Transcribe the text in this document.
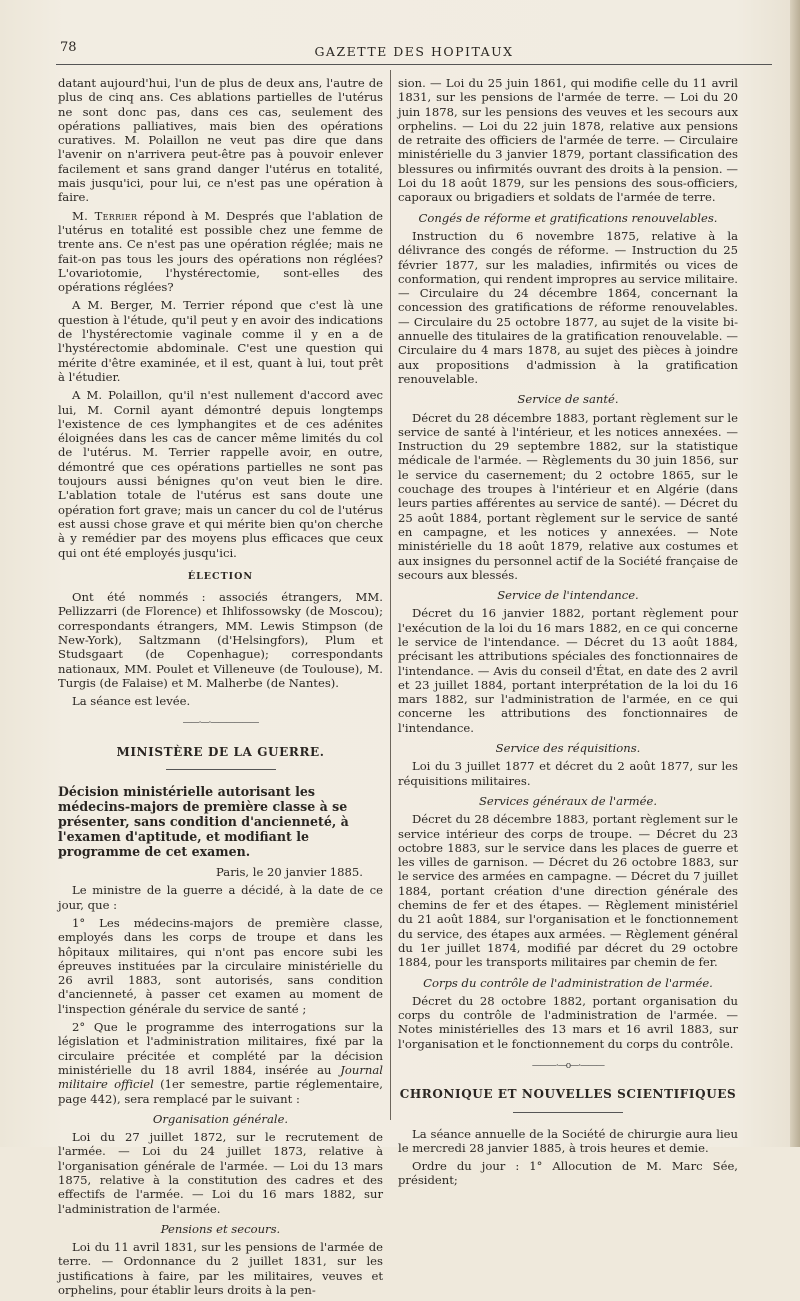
78	GAZETTE DES HOPITAUX

datant aujourd'hui, l'un de plus de deux ans, l'autre de plus de cinq ans. Ces ablations partielles de l'utérus ne sont donc pas, dans ces cas, seulement des opérations palliatives, mais bien des opérations curatives. M. Polaillon ne veut pas dire que dans l'avenir on n'arrivera peut-être pas à pouvoir enlever facilement et sans grand danger l'utérus en totalité, mais jusqu'ici, pour lui, ce n'est pas une opération à faire.

M. Terrier répond à M. Després que l'ablation de l'utérus en totalité est possible chez une femme de trente ans. Ce n'est pas une opération réglée; mais ne fait-on pas tous les jours des opérations non réglées? L'ovariotomie, l'hystérectomie, sont-elles des opérations réglées?

A M. Berger, M. Terrier répond que c'est là une question à l'étude, qu'il peut y en avoir des indications de l'hystérectomie vaginale comme il y en a de l'hystérectomie abdominale. C'est une question qui mérite d'être examinée, et il est, quant à lui, tout prêt à l'étudier.

A M. Polaillon, qu'il n'est nullement d'accord avec lui, M. Cornil ayant démontré depuis longtemps l'existence de ces lymphangites et de ces adénites éloignées dans les cas de cancer même limités du col de l'utérus. M. Terrier rappelle avoir, en outre, démontré que ces opérations partielles ne sont pas toujours aussi bénignes qu'on veut bien le dire. L'ablation totale de l'utérus est sans doute une opération fort grave; mais un cancer du col de l'utérus est aussi chose grave et qui mérite bien qu'on cherche à y remédier par des moyens plus efficaces que ceux qui ont été employés jusqu'ici.

ÉLECTION

Ont été nommés : associés étrangers, MM. Pellizzarri (de Florence) et Ihlifossowsky (de Moscou); correspondants étrangers, MM. Lewis Stimpson (de New-York), Saltzmann (d'Helsingfors), Plum et Studsgaart (de Copenhague); correspondants nationaux, MM. Poulet et Villeneuve (de Toulouse), M. Turgis (de Falaise) et M. Malherbe (de Nantes).

La séance est levée.

——·—·——————
MINISTÈRE DE LA GUERRE.

Décision ministérielle autorisant les médecins-majors de première classe à se présenter, sans condition d'ancienneté, à l'examen d'aptitude, et modifiant le programme de cet examen.

Paris, le 20 janvier 1885.

Le ministre de la guerre a décidé, à la date de ce jour, que :

1° Les médecins-majors de première classe, employés dans les corps de troupe et dans les hôpitaux militaires, qui n'ont pas encore subi les épreuves instituées par la circulaire ministérielle du 26 avril 1883, sont autorisés, sans condition d'ancienneté, à passer cet examen au moment de l'inspection générale du service de santé ;

2° Que le programme des interrogations sur la législation et l'administration militaires, fixé par la circulaire précitée et complété par la décision ministérielle du 18 avril 1884, insérée au Journal militaire officiel (1er semestre, partie réglementaire, page 442), sera remplacé par le suivant :

Organisation générale.

Loi du 27 juillet 1872, sur le recrutement de l'armée. — Loi du 24 juillet 1873, relative à l'organisation générale de l'armée. — Loi du 13 mars 1875, relative à la constitution des cadres et des effectifs de l'armée. — Loi du 16 mars 1882, sur l'administration de l'armée.

Pensions et secours.

Loi du 11 avril 1831, sur les pensions de l'armée de terre. — Ordonnance du 2 juillet 1831, sur les justifications à faire, par les militaires, veuves et orphelins, pour établir leurs droits à la pen-

sion. — Loi du 25 juin 1861, qui modifie celle du 11 avril 1831, sur les pensions de l'armée de terre. — Loi du 20 juin 1878, sur les pensions des veuves et les secours aux orphelins. — Loi du 22 juin 1878, relative aux pensions de retraite des officiers de l'armée de terre. — Circulaire ministérielle du 3 janvier 1879, portant classification des blessures ou infirmités ouvrant des droits à la pension. — Loi du 18 août 1879, sur les pensions des sous-officiers, caporaux ou brigadiers et soldats de l'armée de terre.

Congés de réforme et gratifications renouvelables.

Instruction du 6 novembre 1875, relative à la délivrance des congés de réforme. — Instruction du 25 février 1877, sur les maladies, infirmités ou vices de conformation, qui rendent impropres au service militaire. — Circulaire du 24 décembre 1864, concernant la concession des gratifications de réforme renouvelables. — Circulaire du 25 octobre 1877, au sujet de la visite bi-annuelle des titulaires de la gratification renouvelable. — Circulaire du 4 mars 1878, au sujet des pièces à joindre aux propositions d'admission à la gratification renouvelable.

Service de santé.

Décret du 28 décembre 1883, portant règlement sur le service de santé à l'intérieur, et les notices annexées. — Instruction du 29 septembre 1882, sur la statistique médicale de l'armée. — Règlements du 30 juin 1856, sur le service du casernement; du 2 octobre 1865, sur le couchage des troupes à l'intérieur et en Algérie (dans leurs parties afférentes au service de santé). — Décret du 25 août 1884, portant règlement sur le service de santé en campagne, et les notices y annexées. — Note ministérielle du 18 août 1879, relative aux costumes et aux insignes du personnel actif de la Société française de secours aux blessés.

Service de l'intendance.

Décret du 16 janvier 1882, portant règlement pour l'exécution de la loi du 16 mars 1882, en ce qui concerne le service de l'intendance. — Décret du 13 août 1884, précisant les attributions spéciales des fonctionnaires de l'intendance. — Avis du conseil d'État, en date des 2 avril et 23 juillet 1884, portant interprétation de la loi du 16 mars 1882, sur l'administration de l'armée, en ce qui concerne les attributions des fonctionnaires de l'intendance.

Service des réquisitions.

Loi du 3 juillet 1877 et décret du 2 août 1877, sur les réquisitions militaires.

Services généraux de l'armée.

Décret du 28 décembre 1883, portant règlement sur le service intérieur des corps de troupe. — Décret du 23 octobre 1883, sur le service dans les places de guerre et les villes de garnison. — Décret du 26 octobre 1883, sur le service des armées en campagne. — Décret du 7 juillet 1884, portant création d'une direction générale des chemins de fer et des étapes. — Règlement ministériel du 21 août 1884, sur l'organisation et le fonctionnement du service, des étapes aux armées. — Règlement général du 1er juillet 1874, modifié par décret du 29 octobre 1884, pour les transports militaires par chemin de fer.

Corps du contrôle de l'administration de l'armée.

Décret du 28 octobre 1882, portant organisation du corps du contrôle de l'administration de l'armée. — Notes ministérielles des 13 mars et 16 avril 1883, sur l'organisation et le fonctionnement du corps du contrôle.

———·—o—·———
CHRONIQUE ET NOUVELLES SCIENTIFIQUES

La séance annuelle de la Société de chirurgie aura lieu le mercredi 28 janvier 1885, à trois heures et demie.

Ordre du jour : 1° Allocution de M. Marc Sée, président;
